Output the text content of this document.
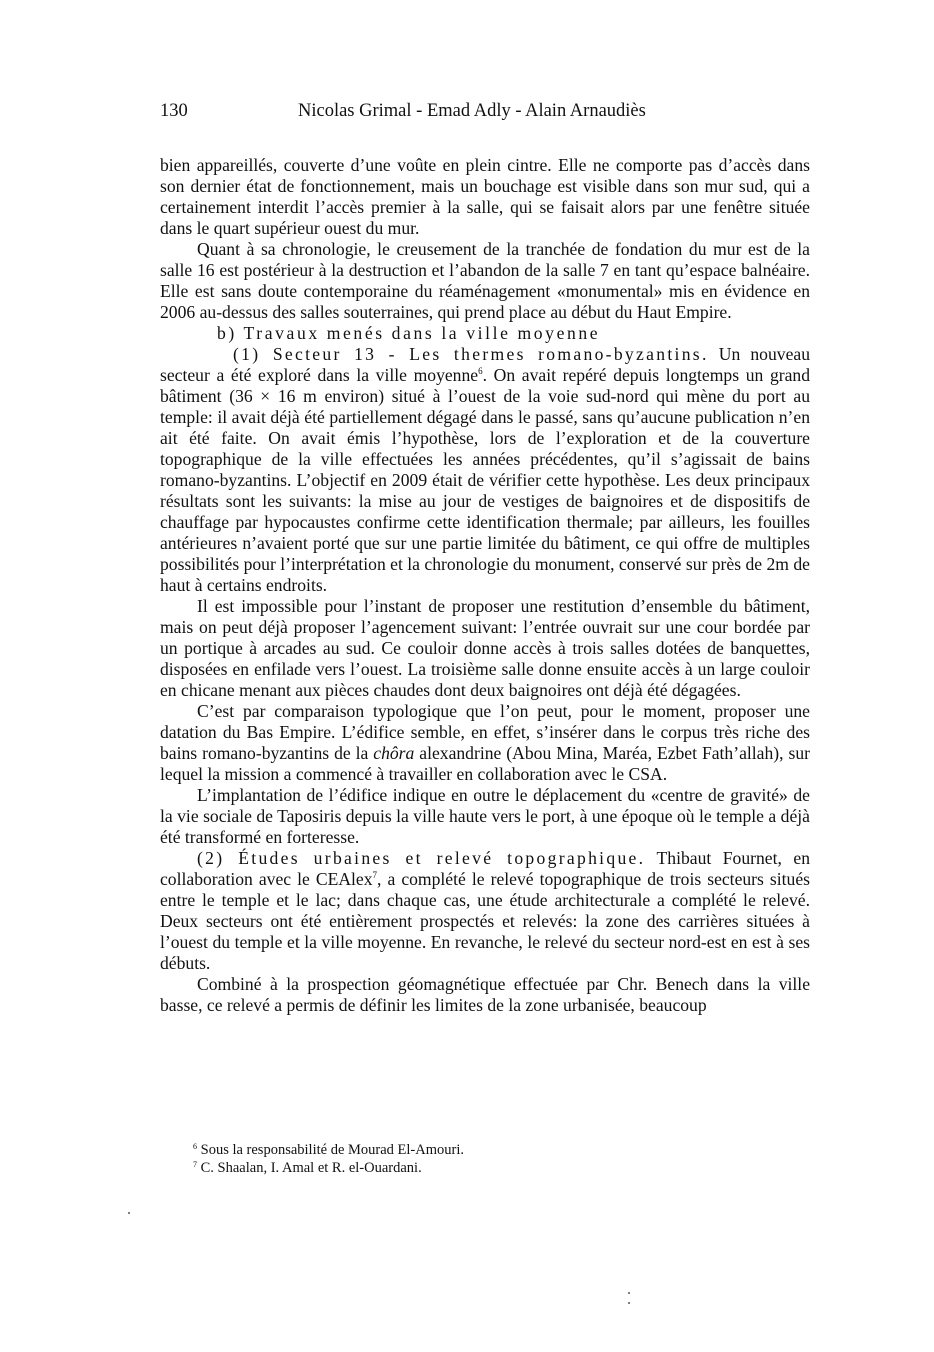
130	Nicolas Grimal - Emad Adly - Alain Arnaudiès

bien appareillés, couverte d’une voûte en plein cintre. Elle ne comporte pas d’accès dans son dernier état de fonctionnement, mais un bouchage est visible dans son mur sud, qui a certainement interdit l’accès premier à la salle, qui se faisait alors par une fenêtre située dans le quart supérieur ouest du mur.

Quant à sa chronologie, le creusement de la tranchée de fondation du mur est de la salle 16 est postérieur à la destruction et l’abandon de la salle 7 en tant qu’espace balnéaire. Elle est sans doute contemporaine du réaménagement «monumental» mis en évidence en 2006 au-dessus des salles souterraines, qui prend place au début du Haut Empire.

b) Travaux menés dans la ville moyenne

(1) Secteur 13 - Les thermes romano-byzantins. Un nouveau secteur a été exploré dans la ville moyenne$^6$. On avait repéré depuis longtemps un grand bâtiment (36 × 16 m environ) situé à l’ouest de la voie sud-nord qui mène du port au temple: il avait déjà été partiellement dégagé dans le passé, sans qu’aucune publication n’en ait été faite. On avait émis l’hypothèse, lors de l’exploration et de la couverture topographique de la ville effectuées les années précédentes, qu’il s’agissait de bains romano-byzantins. L’objectif en 2009 était de vérifier cette hypothèse. Les deux principaux résultats sont les suivants: la mise au jour de vestiges de baignoires et de dispositifs de chauffage par hypocaustes confirme cette identification thermale; par ailleurs, les fouilles antérieures n’avaient porté que sur une partie limitée du bâtiment, ce qui offre de multiples possibilités pour l’interprétation et la chronologie du monument, conservé sur près de 2m de haut à certains endroits.

Il est impossible pour l’instant de proposer une restitution d’ensemble du bâtiment, mais on peut déjà proposer l’agencement suivant: l’entrée ouvrait sur une cour bordée par un portique à arcades au sud. Ce couloir donne accès à trois salles dotées de banquettes, disposées en enfilade vers l’ouest. La troisième salle donne ensuite accès à un large couloir en chicane menant aux pièces chaudes dont deux baignoires ont déjà été dégagées.

C’est par comparaison typologique que l’on peut, pour le moment, proposer une datation du Bas Empire. L’édifice semble, en effet, s’insérer dans le corpus très riche des bains romano-byzantins de la chôra alexandrine (Abou Mina, Maréa, Ezbet Fath’allah), sur lequel la mission a commencé à travailler en collaboration avec le CSA.

L’implantation de l’édifice indique en outre le déplacement du «centre de gravité» de la vie sociale de Taposiris depuis la ville haute vers le port, à une époque où le temple a déjà été transformé en forteresse.

(2) Études urbaines et relevé topographique. Thibaut Fournet, en collaboration avec le CEAlex$^7$, a complété le relevé topographique de trois secteurs situés entre le temple et le lac; dans chaque cas, une étude architecturale a complété le relevé. Deux secteurs ont été entièrement prospectés et relevés: la zone des carrières situées à l’ouest du temple et la ville moyenne. En revanche, le relevé du secteur nord-est en est à ses débuts.

Combiné à la prospection géomagnétique effectuée par Chr. Benech dans la ville basse, ce relevé a permis de définir les limites de la zone urbanisée, beaucoup

$^6$ Sous la responsabilité de Mourad El-Amouri.

$^7$ C. Shaalan, I. Amal et R. el-Ouardani.
